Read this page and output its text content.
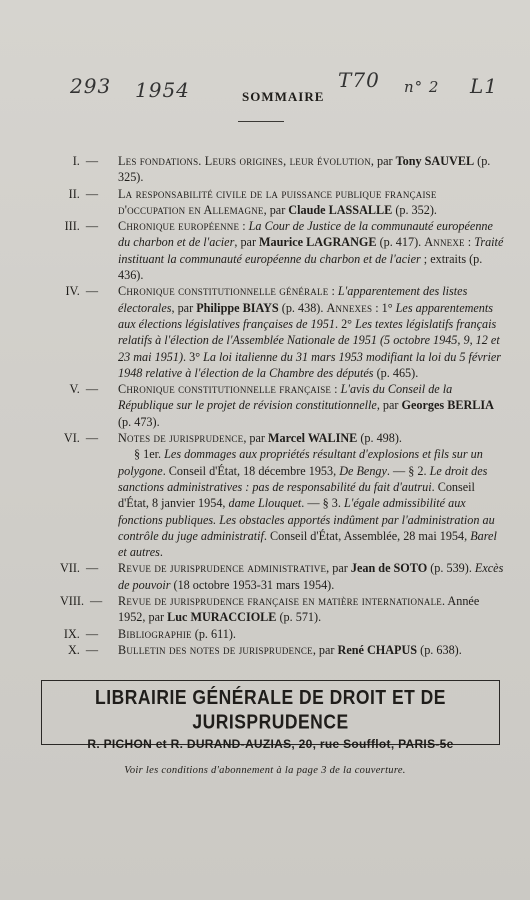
293 1954	T70 n° 2 L1
SOMMAIRE
I. — Les fondations. Leurs origines, leur évolution, par Tony SAUVEL (p. 325).
II. — La responsabilité civile de la puissance publique française d'occupation en Allemagne, par Claude LASSALLE (p. 352).
III. — Chronique européenne : La Cour de Justice de la communauté européenne du charbon et de l'acier, par Maurice LAGRANGE (p. 417). Annexe : Traité instituant la communauté européenne du charbon et de l'acier ; extraits (p. 436).
IV. — Chronique constitutionnelle générale : L'apparentement des listes électorales, par Philippe BIAYS (p. 438). Annexes : 1° Les apparentements aux élections législatives françaises de 1951. 2° Les textes législatifs français relatifs à l'élection de l'Assemblée Nationale de 1951 (5 octobre 1945, 9, 12 et 23 mai 1951). 3° La loi italienne du 31 mars 1953 modifiant la loi du 5 février 1948 relative à l'élection de la Chambre des députés (p. 465).
V. — Chronique constitutionnelle française : L'avis du Conseil de la République sur le projet de révision constitutionnelle, par Georges BERLIA (p. 473).
VI. — Notes de jurisprudence, par Marcel WALINE (p. 498).

§ 1er. Les dommages aux propriétés résultant d'explosions et fils sur un polygone. Conseil d'État, 18 décembre 1953, De Bengy. — § 2. Le droit des sanctions administratives : pas de responsabilité du fait d'autrui. Conseil d'État, 8 janvier 1954, dame Llouquet. — § 3. L'égale admissibilité aux fonctions publiques. Les obstacles apportés indûment par l'administration au contrôle du juge administratif. Conseil d'État, Assemblée, 28 mai 1954, Barel et autres.

VII. — Revue de jurisprudence administrative, par Jean de SOTO (p. 539). Excès de pouvoir (18 octobre 1953-31 mars 1954).
VIII. — Revue de jurisprudence française en matière internationale. Année 1952, par Luc MURACCIOLE (p. 571).
IX. — Bibliographie (p. 611).
X. — Bulletin des notes de jurisprudence, par René CHAPUS (p. 638).
LIBRAIRIE GÉNÉRALE DE DROIT ET DE JURISPRUDENCE
R. PICHON et R. DURAND-AUZIAS, 20, rue Soufflot, PARIS-5e
Voir les conditions d'abonnement à la page 3 de la couverture.
